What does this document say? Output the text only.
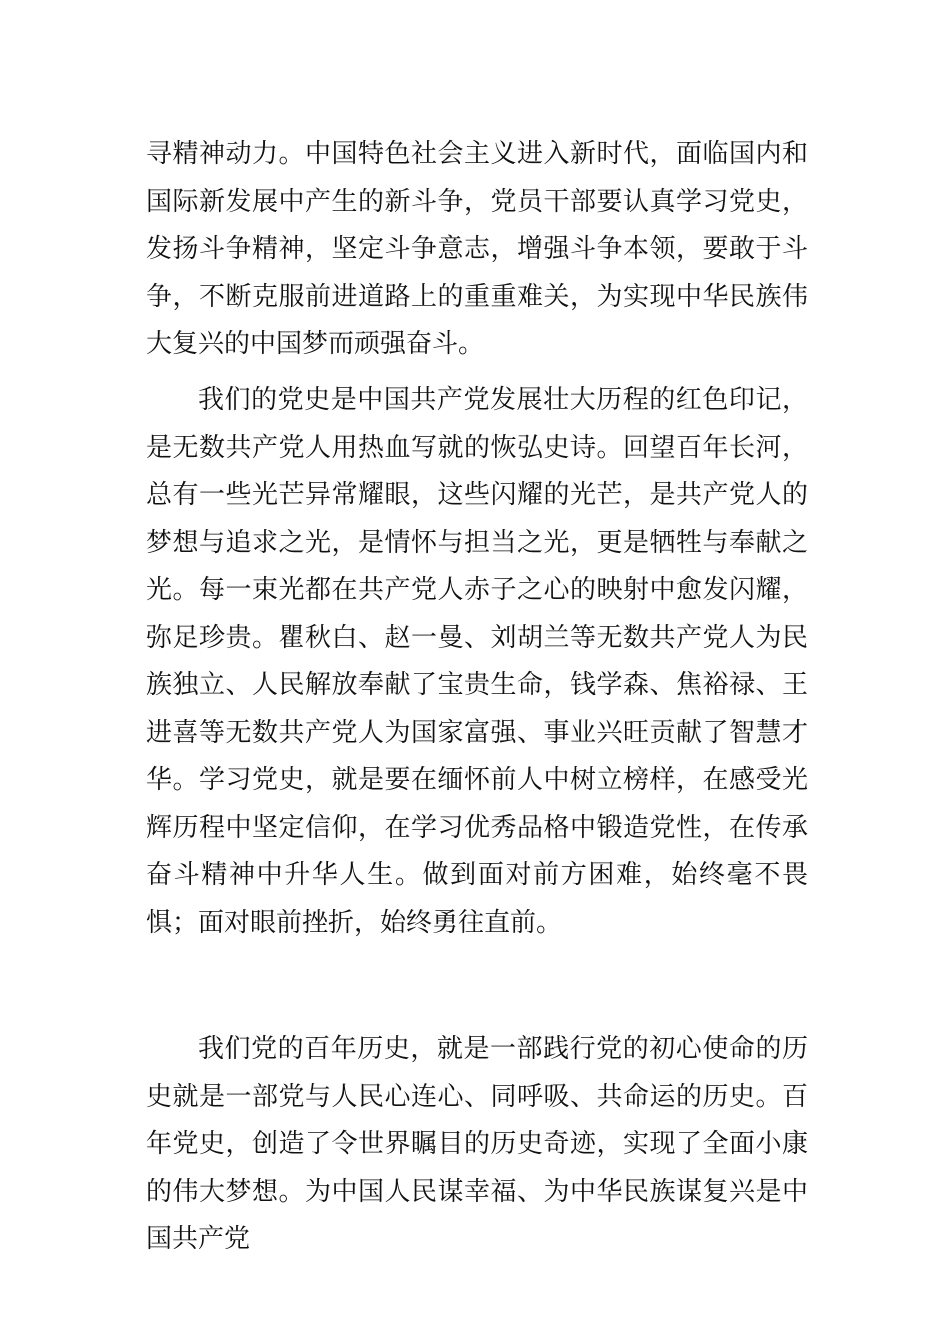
寻精神动力。中国特色社会主义进入新时代，面临国内和国际新发展中产生的新斗争，党员干部要认真学习党史，发扬斗争精神，坚定斗争意志，增强斗争本领，要敢于斗争，不断克服前进道路上的重重难关，为实现中华民族伟大复兴的中国梦而顽强奋斗。

我们的党史是中国共产党发展壮大历程的红色印记，是无数共产党人用热血写就的恢弘史诗。回望百年长河，总有一些光芒异常耀眼，这些闪耀的光芒，是共产党人的梦想与追求之光，是情怀与担当之光，更是牺牲与奉献之光。每一束光都在共产党人赤子之心的映射中愈发闪耀，弥足珍贵。瞿秋白、赵一曼、刘胡兰等无数共产党人为民族独立、人民解放奉献了宝贵生命，钱学森、焦裕禄、王进喜等无数共产党人为国家富强、事业兴旺贡献了智慧才华。学习党史，就是要在缅怀前人中树立榜样，在感受光辉历程中坚定信仰，在学习优秀品格中锻造党性，在传承奋斗精神中升华人生。做到面对前方困难，始终毫不畏惧；面对眼前挫折，始终勇往直前。

我们党的百年历史，就是一部践行党的初心使命的历史就是一部党与人民心连心、同呼吸、共命运的历史。百年党史，创造了令世界瞩目的历史奇迹，实现了全面小康的伟大梦想。为中国人民谋幸福、为中华民族谋复兴是中国共产党
